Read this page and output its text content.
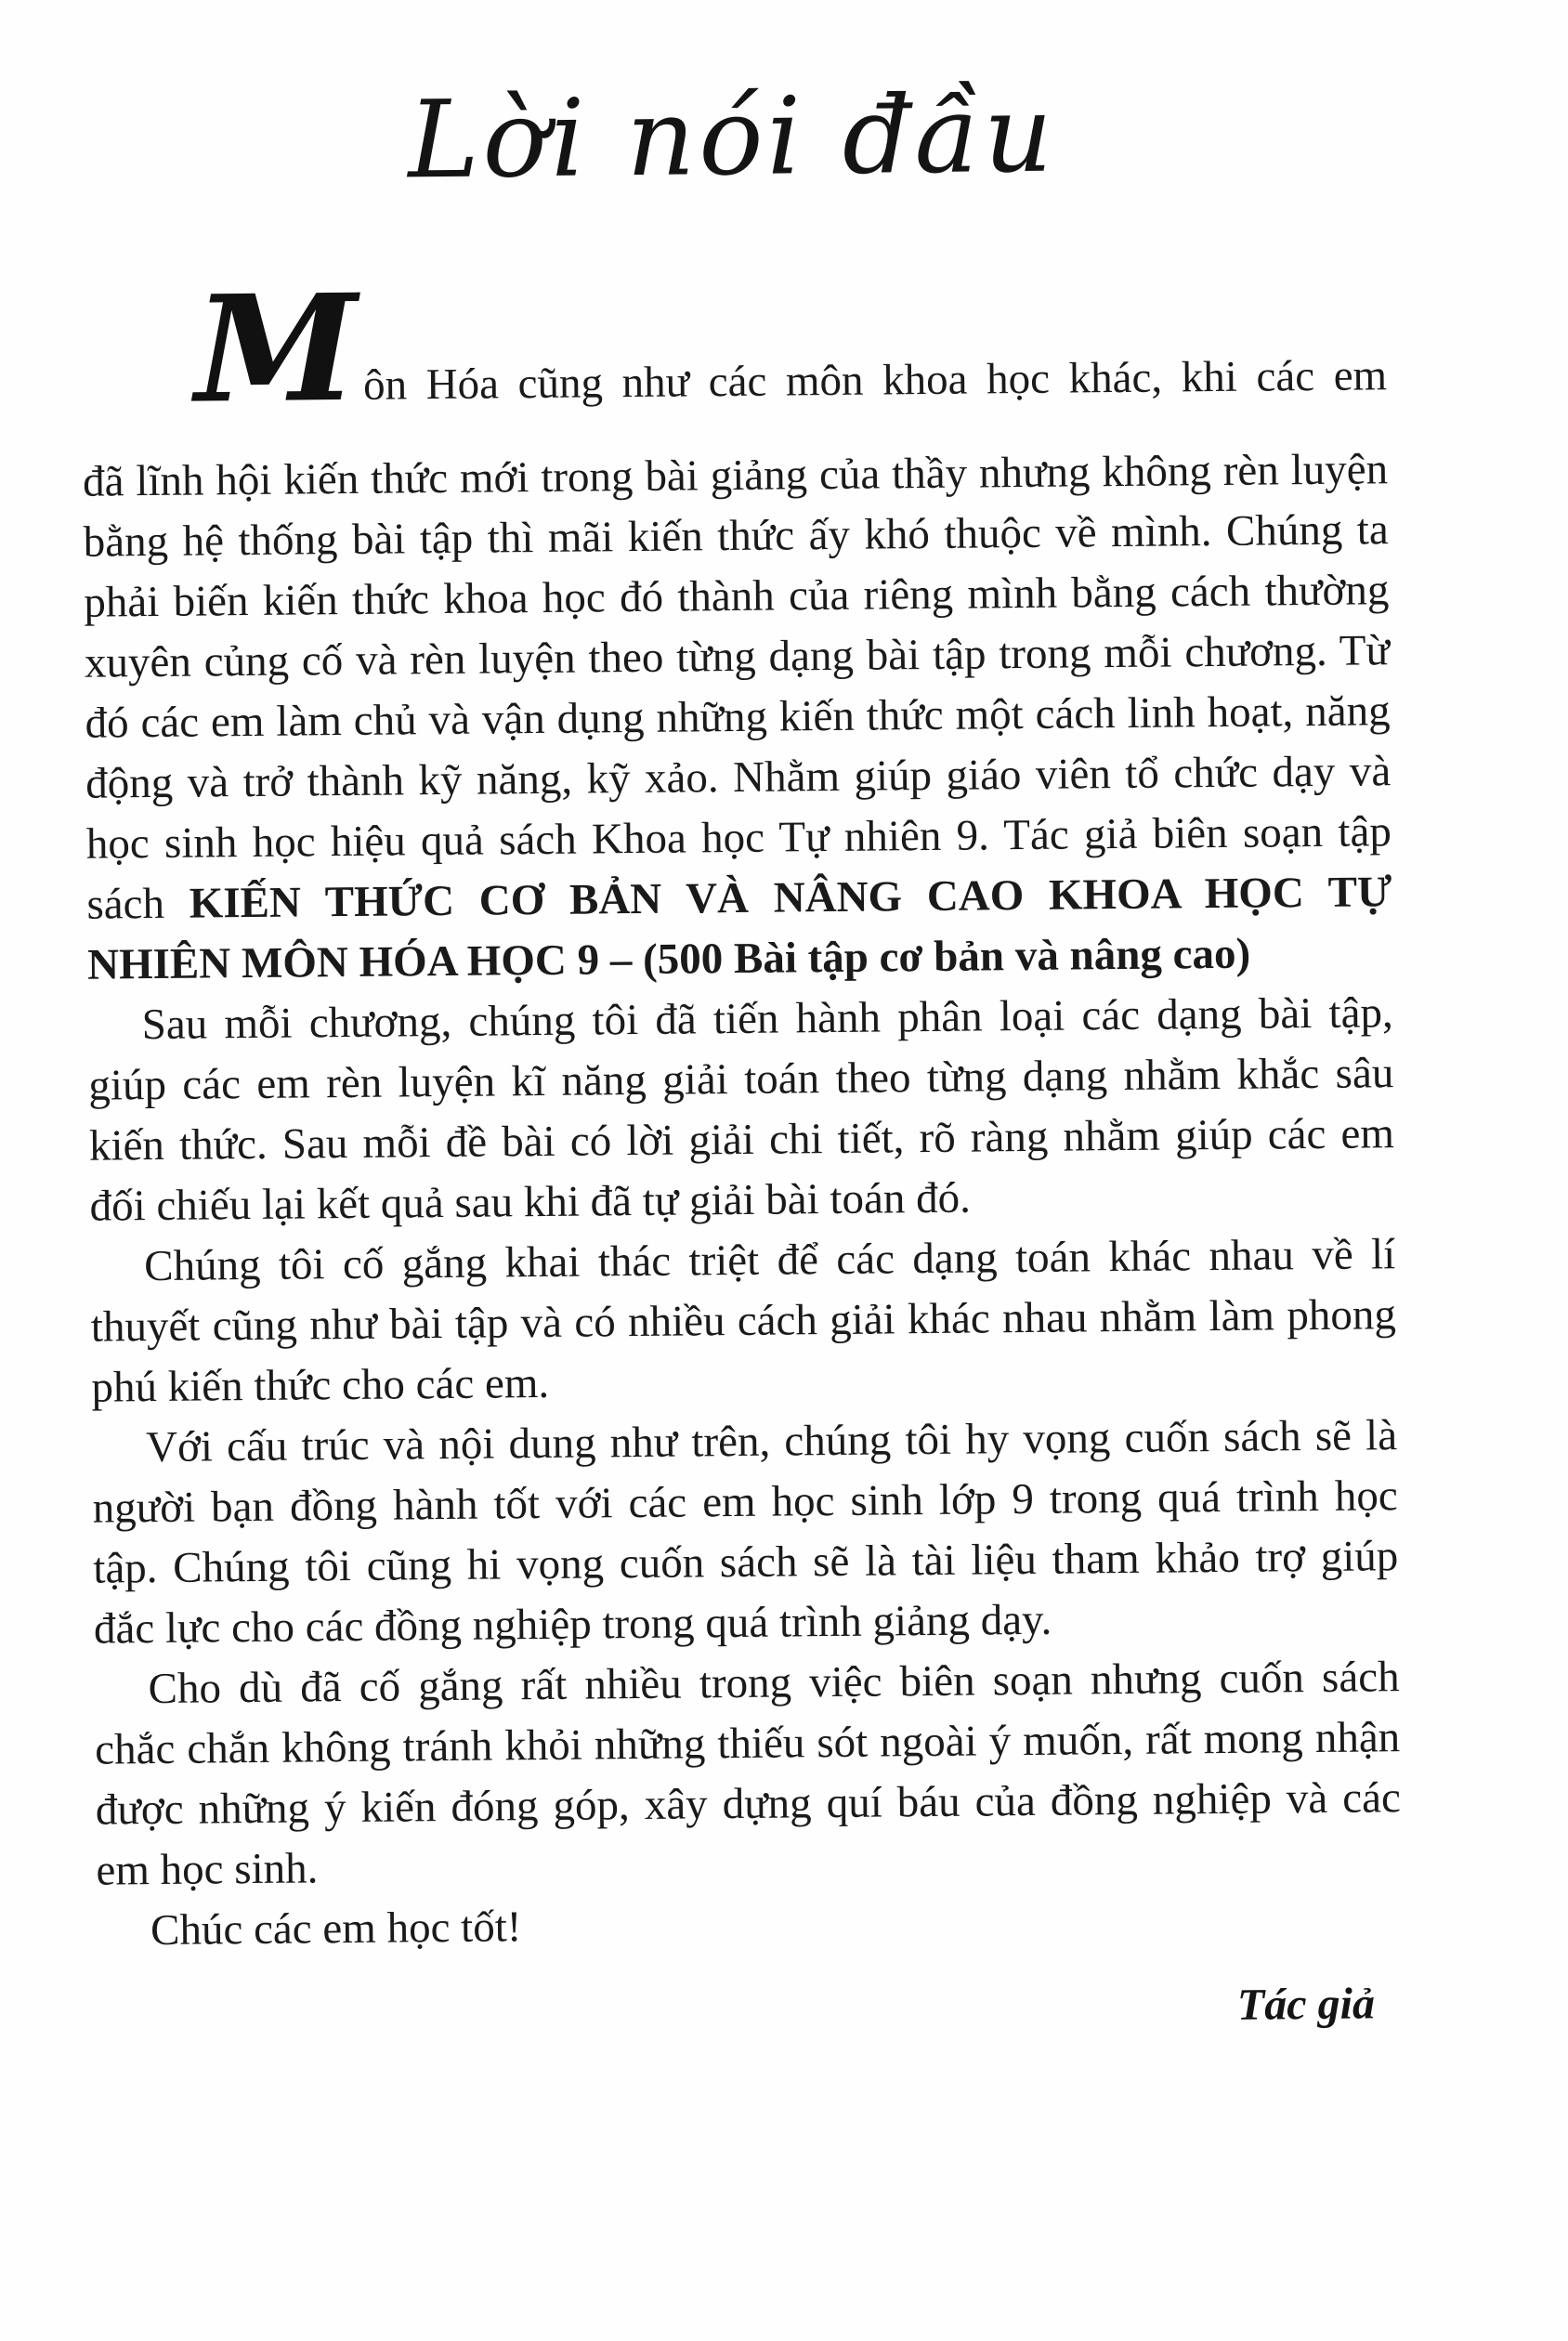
Lời nói đầu
Môn Hóa cũng như các môn khoa học khác, khi các em
đã lĩnh hội kiến thức mới trong bài giảng của thầy nhưng không rèn luyện bằng hệ thống bài tập thì mãi kiến thức ấy khó thuộc về mình. Chúng ta phải biến kiến thức khoa học đó thành của riêng mình bằng cách thường xuyên củng cố và rèn luyện theo từng dạng bài tập trong mỗi chương. Từ đó các em làm chủ và vận dụng những kiến thức một cách linh hoạt, năng động và trở thành kỹ năng, kỹ xảo. Nhằm giúp giáo viên tổ chức dạy và học sinh học hiệu quả sách Khoa học Tự nhiên 9. Tác giả biên soạn tập sách KIẾN THỨC CƠ BẢN VÀ NÂNG CAO KHOA HỌC TỰ NHIÊN MÔN HÓA HỌC 9 – (500 Bài tập cơ bản và nâng cao)
Sau mỗi chương, chúng tôi đã tiến hành phân loại các dạng bài tập, giúp các em rèn luyện kĩ năng giải toán theo từng dạng nhằm khắc sâu kiến thức. Sau mỗi đề bài có lời giải chi tiết, rõ ràng nhằm giúp các em đối chiếu lại kết quả sau khi đã tự giải bài toán đó.
Chúng tôi cố gắng khai thác triệt để các dạng toán khác nhau về lí thuyết cũng như bài tập và có nhiều cách giải khác nhau nhằm làm phong phú kiến thức cho các em.
Với cấu trúc và nội dung như trên, chúng tôi hy vọng cuốn sách sẽ là người bạn đồng hành tốt với các em học sinh lớp 9 trong quá trình học tập. Chúng tôi cũng hi vọng cuốn sách sẽ là tài liệu tham khảo trợ giúp đắc lực cho các đồng nghiệp trong quá trình giảng dạy.
Cho dù đã cố gắng rất nhiều trong việc biên soạn nhưng cuốn sách chắc chắn không tránh khỏi những thiếu sót ngoài ý muốn, rất mong nhận được những ý kiến đóng góp, xây dựng quí báu của đồng nghiệp và các em học sinh.
Chúc các em học tốt!
Tác giả
